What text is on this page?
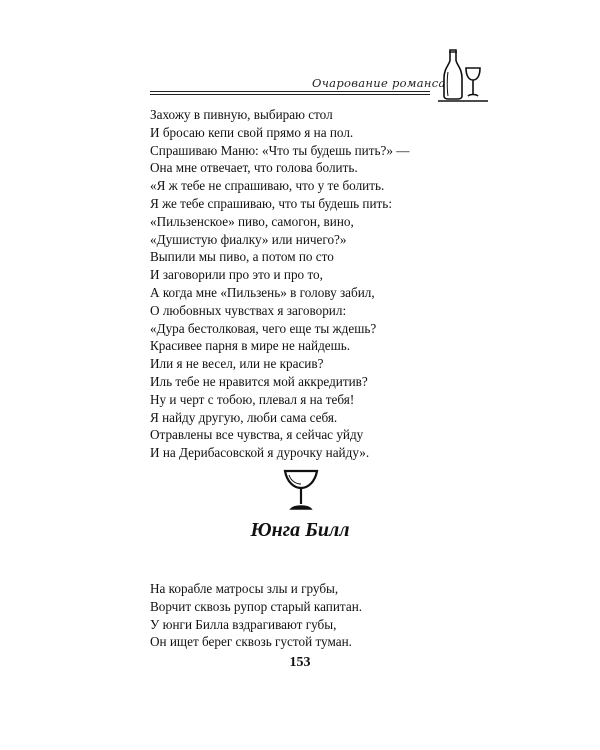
Очарование романса
Захожу в пивную, выбираю стол
И бросаю кепи свой прямо я на пол.
Спрашиваю Маню: «Что ты будешь пить?» —
Она мне отвечает, что голова болить.
«Я ж тебе не спрашиваю, что у те болить.
Я же тебе спрашиваю, что ты будешь пить:
«Пильзенское» пиво, самогон, вино,
«Душистую фиалку» или ничего?»
Выпили мы пиво, а потом по сто
И заговорили про это и про то,
А когда мне «Пильзень» в голову забил,
О любовных чувствах я заговорил:
«Дура бестолковая, чего еще ты ждешь?
Красивее парня в мире не найдешь.
Или я не весел, или не красив?
Иль тебе не нравится мой аккредитив?
Ну и черт с тобою, плевал я на тебя!
Я найду другую, люби сама себя.
Отравлены все чувства, я сейчас уйду
И на Дерибасовской я дурочку найду».
Юнга Билл
На корабле матросы злы и грубы,
Ворчит сквозь рупор старый капитан.
У юнги Билла вздрагивают губы,
Он ищет берег сквозь густой туман.
153
